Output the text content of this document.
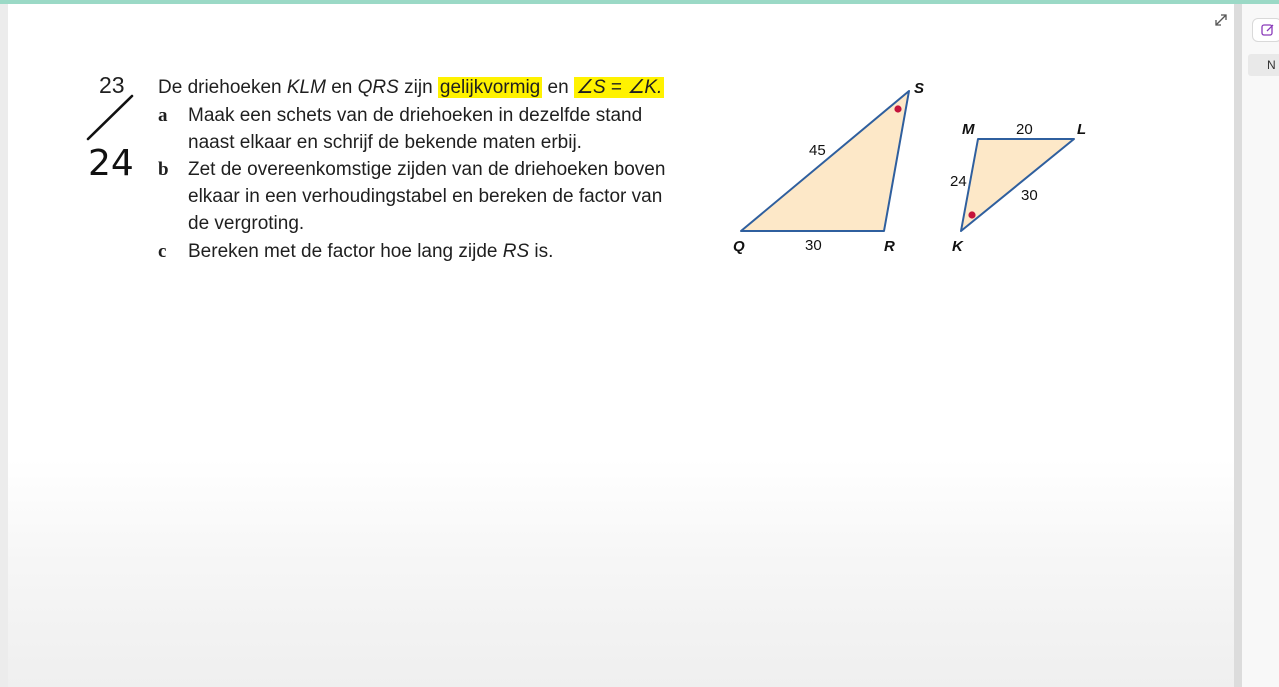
N
23
24
De driehoeken KLM en QRS zijn gelijkvormig en ∠S = ∠K.
a Maak een schets van de driehoeken in dezelfde stand
naast elkaar en schrijf de bekende maten erbij.
b Zet de overeenkomstige zijden van de driehoeken boven
elkaar in een verhoudingstabel en bereken de factor van
de vergroting.
c Bereken met de factor hoe lang zijde RS is.	Q	R
S
45
30
M	L
K
20
24
30
